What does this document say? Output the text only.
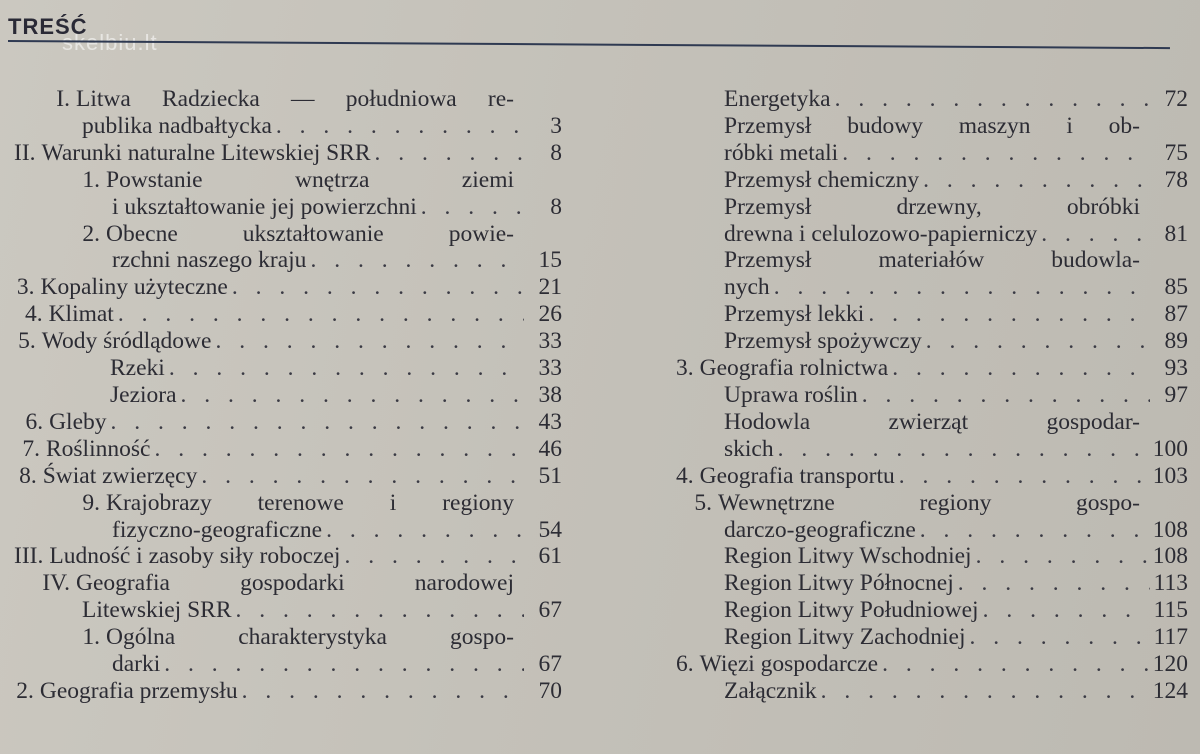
TREŚĆ
skelbiu.lt
I. Litwa Radziecka — południowa re-
publika nadbałtycka . . .	3
II. Warunki naturalne Litewskiej SRR . . .	8
1. Powstanie wnętrza ziemi
i ukształtowanie jej powierzchni . . .	8
2. Obecne ukształtowanie powie-
rzchni naszego kraju . . .	15
3. Kopaliny użyteczne . . .	21
4. Klimat . . .	26
5. Wody śródlądowe . . .	33
Rzeki . . .	33
Jeziora . . .	38
6. Gleby . . .	43
7. Roślinność . . .	46
8. Świat zwierzęcy . . .	51
9. Krajobrazy terenowe i regiony
fizyczno-geograficzne . . .	54
III. Ludność i zasoby siły roboczej . . .	61
IV. Geografia gospodarki narodowej
Litewskiej SRR . . .	67
1. Ogólna charakterystyka gospo-
darki . . .	67
2. Geografia przemysłu . . .	70
Energetyka . . .	72
Przemysł budowy maszyn i ob-
róbki metali . . .	75
Przemysł chemiczny . . .	78
Przemysł drzewny, obróbki
drewna i celulozowo-papierniczy . . .	81
Przemysł materiałów budowla-
nych . . .	85
Przemysł lekki . . .	87
Przemysł spożywczy . . .	89
3. Geografia rolnictwa . . .	93
Uprawa roślin . . .	97
Hodowla zwierząt gospodar-
skich . . .	100
4. Geografia transportu . . .	103
5. Wewnętrzne regiony gospo-
darczo-geograficzne . . .	108
Region Litwy Wschodniej . . .	108
Region Litwy Północnej . . .	113
Region Litwy Południowej . . .	115
Region Litwy Zachodniej . . .	117
6. Więzi gospodarcze . . .	120
Załącznik . . .	124
